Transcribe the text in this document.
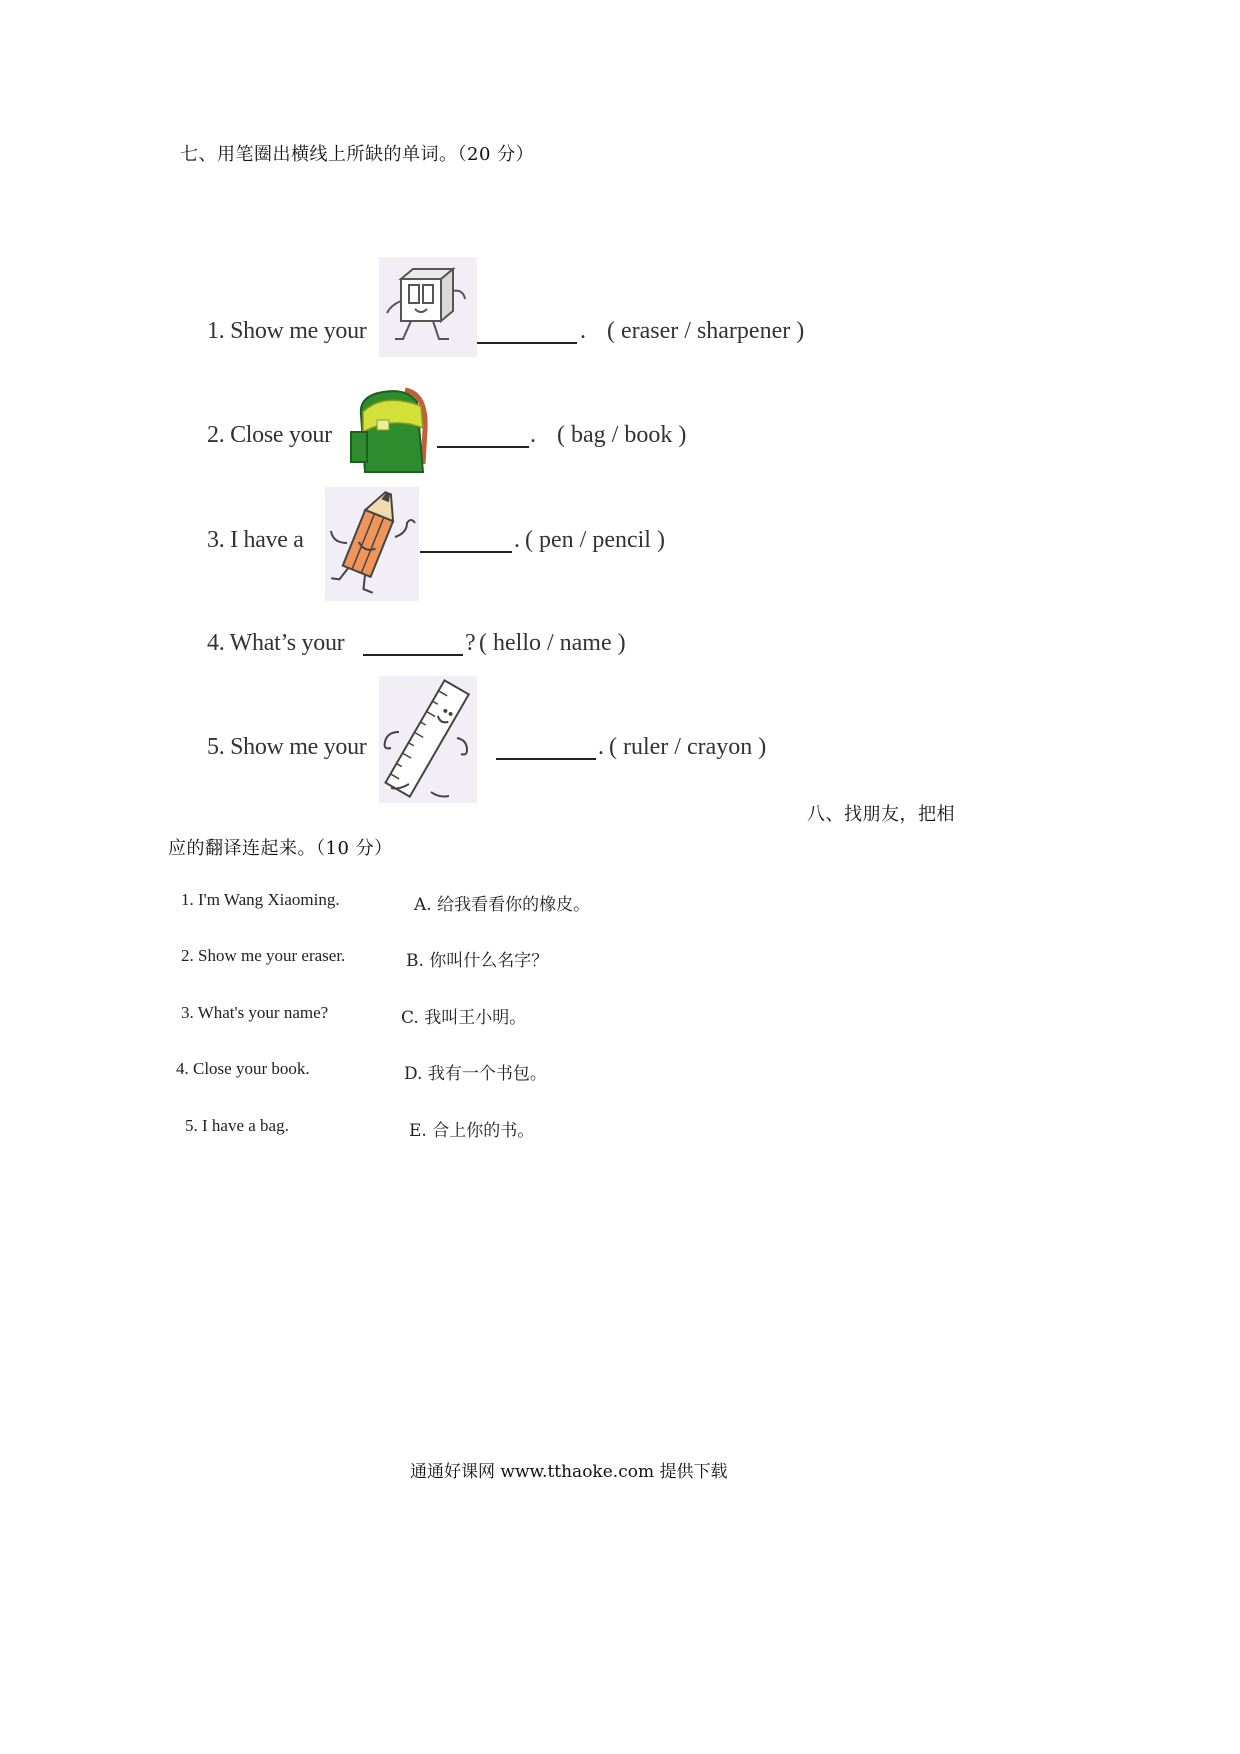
七、用笔圈出横线上所缺的单词。（20 分）
1. Show me your	. ( eraser / sharpener )
2. Close your	. ( bag / book )
3. I have a	. ( pen / pencil )
4. What’s your	? ( hello / name )
5. Show me your	. ( ruler / crayon )
八、找朋友，把相
应的翻译连起来。（10 分）
1. I'm Wang Xiaoming.
2. Show me your eraser.
3. What's your name?
4. Close your book.
5. I have a bag.
A. 给我看看你的橡皮。
B. 你叫什么名字？
C. 我叫王小明。
D. 我有一个书包。
E. 合上你的书。
通通好课网 www.tthaoke.com 提供下载
